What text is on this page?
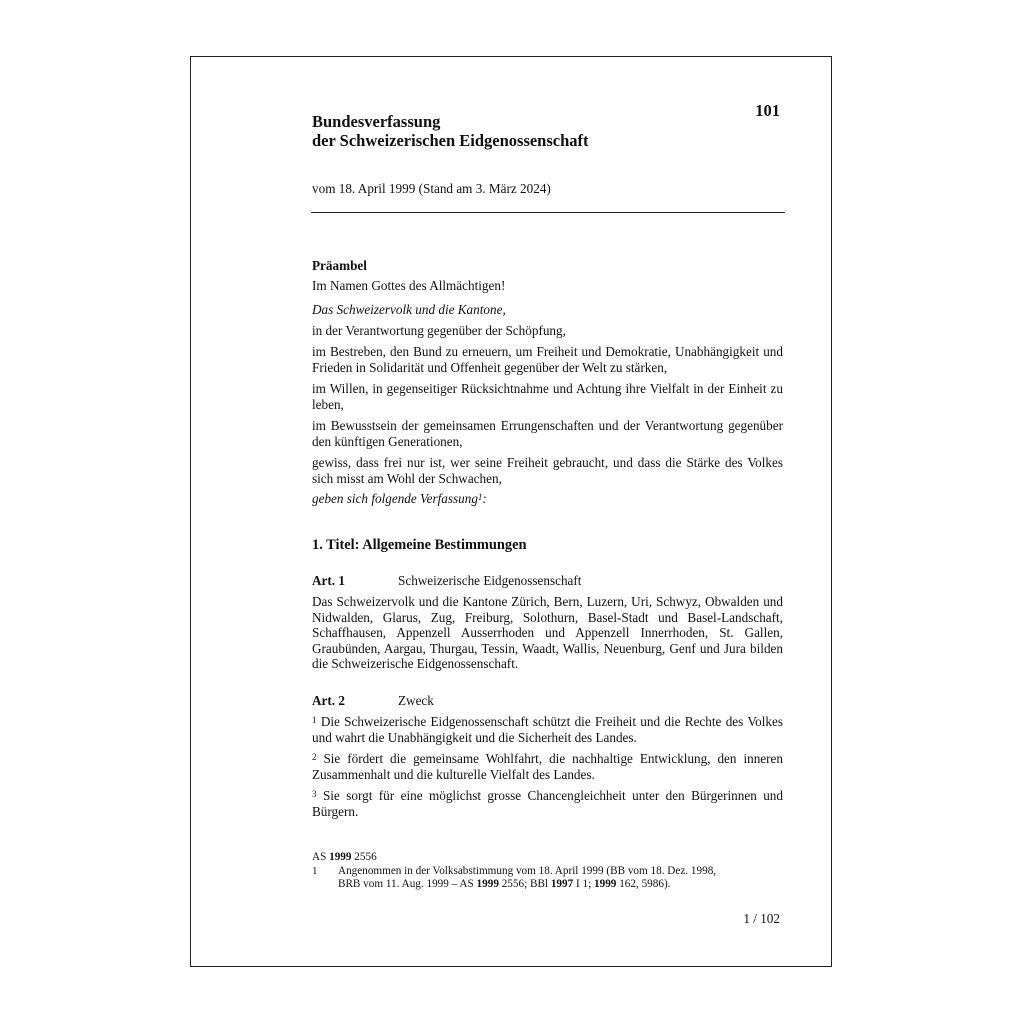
Bundesverfassung
der Schweizerischen Eidgenossenschaft
101
vom 18. April 1999 (Stand am 3. März 2024)
Präambel
Im Namen Gottes des Allmächtigen!
Das Schweizervolk und die Kantone,
in der Verantwortung gegenüber der Schöpfung,
im Bestreben, den Bund zu erneuern, um Freiheit und Demokratie, Unabhängigkeit und Frieden in Solidarität und Offenheit gegenüber der Welt zu stärken,
im Willen, in gegenseitiger Rücksichtnahme und Achtung ihre Vielfalt in der Einheit zu leben,
im Bewusstsein der gemeinsamen Errungenschaften und der Verantwortung gegenüber den künftigen Generationen,
gewiss, dass frei nur ist, wer seine Freiheit gebraucht, und dass die Stärke des Volkes sich misst am Wohl der Schwachen,
geben sich folgende Verfassung$^1$:
1. Titel: Allgemeine Bestimmungen
Art. 1	Schweizerische Eidgenossenschaft
Das Schweizervolk und die Kantone Zürich, Bern, Luzern, Uri, Schwyz, Obwalden und Nidwalden, Glarus, Zug, Freiburg, Solothurn, Basel-Stadt und Basel-Landschaft, Schaffhausen, Appenzell Ausserrhoden und Appenzell Innerrhoden, St. Gallen, Graubünden, Aargau, Thurgau, Tessin, Waadt, Wallis, Neuenburg, Genf und Jura bilden die Schweizerische Eidgenossenschaft.
Art. 2	Zweck
$^1$ Die Schweizerische Eidgenossenschaft schützt die Freiheit und die Rechte des Volkes und wahrt die Unabhängigkeit und die Sicherheit des Landes.
$^2$ Sie fördert die gemeinsame Wohlfahrt, die nachhaltige Entwicklung, den inneren Zusammenhalt und die kulturelle Vielfalt des Landes.
$^3$ Sie sorgt für eine möglichst grosse Chancengleichheit unter den Bürgerinnen und Bürgern.
AS 1999 2556
1 Angenommen in der Volksabstimmung vom 18. April 1999 (BB vom 18. Dez. 1998,
BRB vom 11. Aug. 1999 – AS 1999 2556; BBl 1997 I 1; 1999 162, 5986).
1 / 102
